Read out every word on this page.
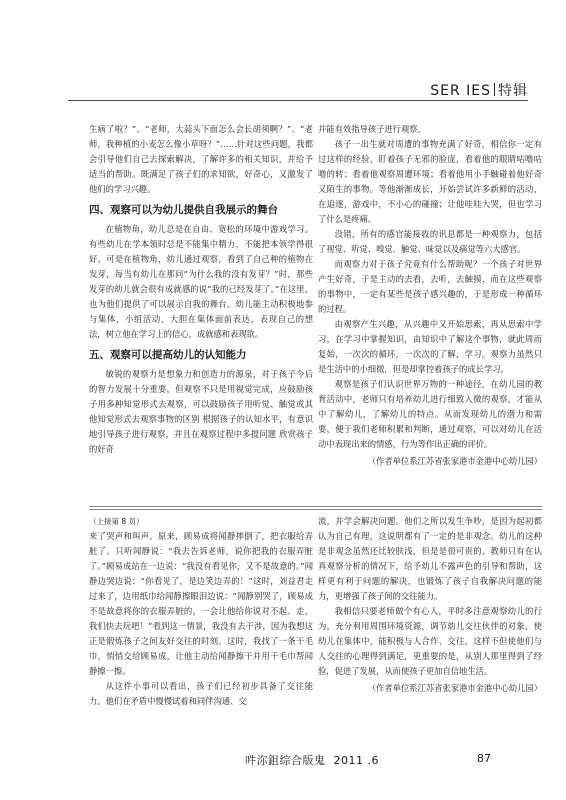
SER IES 特辑

生病了啦？”、“老师，大蒜头下面怎么会长胡须啊？”、“老师，我种植的小麦怎么像小草呀？”……针对这些问题，我都会引导他们自己去探索解决，了解许多的相关知识，并给予适当的帮助。既满足了孩子们的求知欲，好奇心，又激发了他们的学习兴趣。

四、观察可以为幼儿提供自我展示的舞台

在植物角，幼儿总是在自由、宽松的环境中游戏学习。有些幼儿在学本领时总是不能集中精力，不能把本领学得很好。可是在植物角，幼儿通过观察，看到了自己种的植物在发芽，每当有幼儿在那问“为什么我的没有发芽？”时，那些发芽的幼儿就会很有成就感的说“我的已经发芽了。”在这里，也为他们提供了可以展示自我的舞台。幼儿能主动积极地参与集体，小组活动，大胆在集体面前表达，表现自己的想法，树立他在学习上的信心，成就感和表现欲。

五、观察可以提高幼儿的认知能力

敏锐的观察力是想象力和创造力的源泉，对于孩子今后的智力发展十分重要，但观察不只是用视觉完成，应鼓励孩子用多种知觉形式去观察，可以鼓励孩子用听觉、触觉或其他知觉形式去观察事物的区别 根据孩子的认知水平，有意识地引导孩子进行观察，并且在观察过程中多提问题 欣赏孩子的好奇

并能有效指导孩子进行观察。

孩子一出生就对周遭的事物充满了好奇，相信你一定有过这样的经验，盯着孩子无邪的脸庞，看着他的眼睛咕噜咕噜的转；看着他观察周遭环境；看着他用小手触碰着他好奇又陌生的事物。等他渐渐成长，开始尝试许多新鲜的活动，在追逐，游戏中，不小心的碰撞；让他哇哇大哭，但也学习了什么是疼痛。

没错，所有的感官能接收的讯息都是一种观察力，包括了视觉、听觉、嗅觉、触觉、味觉以及痛觉等六大感官。

而观察力对于孩子究竟有什么帮助呢？一个孩子对世界产生好奇，于是主动的去看，去听，去触摸，而在这些观察的事物中，一定有某些是孩子感兴趣的，于是形成一种循环的过程。

由观察产生兴趣，从兴趣中又开始思索，再从思索中学习，在学习中掌握知识，由知识中了解这个事物，就此周而复始，一次次的循环，一次次的了解，学习。观察力虽然只是生活中的小细微，但是却掌控着孩子的成长学习。

观察是孩子们认识世界万物的一种途径，在幼儿园的教育活动中，老师只有培养幼儿进行细致入微的观察，才能从中了解幼儿，了解幼儿的特点。从而发现幼儿的潜力和需要，便于我们老师积累和判断，通过观察，可以对幼儿在活动中表现出来的情感，行为等作出正确的评价。

（作者单位系江苏省张家港市金港中心幼儿园）

（上接第 8 页）

来了哭声和叫声。原来，顾易成将闻静摔倒了，把衣服给弄脏了。只听闻静说：“我去告诉老师，说你把我的衣服弄脏了。”顾易成站在一边说：“我没有看见你，又不是故意的。”闻静边哭边说：“你看见了，是边笑边弄的！”这时，刘益君走过来了，边用纸巾给闻静擦眼泪边说：“闻静别哭了，顾易成不是故意将你的衣服弄脏的，一会让他给你说对不起。走，我们快去玩吧！”看到这一情景，我没有去干涉，因为我想这正是锻炼孩子之间友好交往的时刻。这时，我找了一条干毛巾，悄悄交给顾易成，让他主动给闻静擦干并用干毛巾帮闻静擦一擦。

从这件小事可以看出，孩子们已经初步具备了交往能力。他们在矛盾中慢慢试着和同伴沟通、交

流，并学会解决问题。他们之所以发生争吵，是因为起初都认为自己有理，这说明都有了一定的是非观念。幼儿的这种是非观念虽然还比较肤浅，但是是很可贵的。教师只有在认真观察分析的情况下，给予幼儿不露声色的引导和帮助，这样更有利于问题的解决，也锻炼了孩子自我解决问题的能力，更增强了孩子间的交往能力。

我相信只要老师做个有心人，平时多注意观察幼儿的行为，充分利用周围环境资源，调节幼儿交往伙伴的对象，使幼儿在集体中，能积极与人合作、交往，这样不但使他们与人交往的心理得到满足，更重要的是，从别人那里得到了经验，促进了发展，从而使孩子更加自信地生活。

（作者单位系江苏省张家港市金港中心幼儿园）

吽沵鉏综合版鬼 2011 .6	87
